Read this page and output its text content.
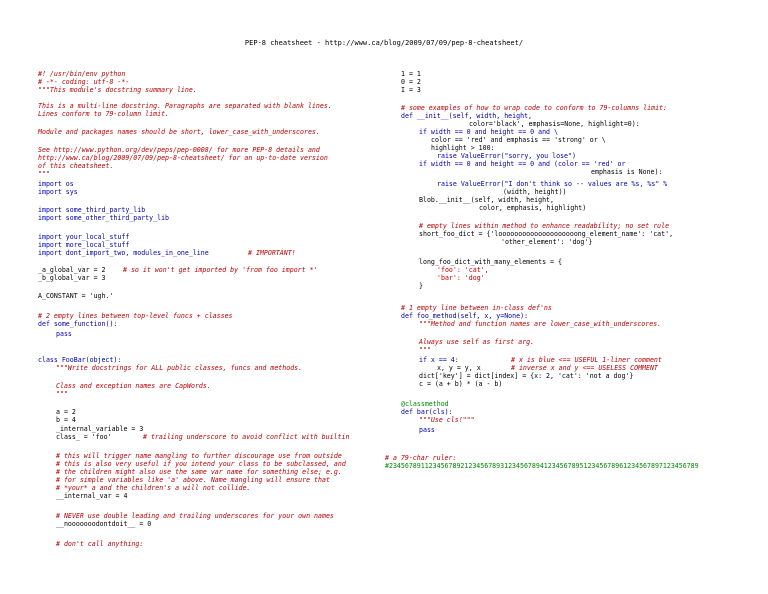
PEP-8 cheatsheet - http://www.ca/blog/2009/07/09/pep-8-cheatsheet/
#! /usr/bin/env python
# -*- coding: utf-8 -*-
"""This module's docstring summary line.
This is a multi-line docstring. Paragraphs are separated with blank lines.
Lines conform to 79-column limit.
Module and packages names should be short, lower_case_with_underscores.
See http://www.python.org/dev/peps/pep-0008/ for more PEP-8 details and
http://www.ca/blog/2009/07/09/pep-8-cheatsheet/ for an up-to-date version
of this cheatsheet.
"""
import os
import sys
import some_third_party_lib
import some_other_third_party_lib
import your_local_stuff
import more_local_stuff
import dont_import_two, modules_in_one_line	# IMPORTANT!
_a_global_var = 2	# so it won't get imported by 'from foo import *'
_b_global_var = 3
A_CONSTANT = 'ugh.'
# 2 empty lines between top-level funcs + classes
def some_function():
pass
class FooBar(object):
"""Write docstrings for ALL public classes, funcs and methods.
Class and exception names are CapWords.
"""
a = 2
b = 4
_internal_variable = 3
class_ = 'foo'	# trailing underscore to avoid conflict with builtin
# this will trigger name mangling to further discourage use from outside
# this is also very useful if you intend your class to be subclassed, and
# the children might also use the same var name for something else; e.g.
# for simple variables like 'a' above. Name mangling will ensure that
# *your* a and the children's a will not collide.
__internal_var = 4
# NEVER use double leading and trailing underscores for your own names
__nooooooodontdoit__ = 0
# don't call anything:
1 = 1
0 = 2
I = 3
# some examples of how to wrap code to conform to 79-columns limit:
def __init__(self, width, height,
color='black', emphasis=None, highlight=0):
if width == 0 and height == 0 and \
color == 'red' and emphasis == 'strong' or \
highlight > 100:
raise ValueError("sorry, you lose")
if width == 0 and height == 0 and (color == 'red' or
emphasis is None):
raise ValueError("I don't think so -- values are %s, %s" %
(width, height))
Blob.__init__(self, width, height,
color, emphasis, highlight)
# empty lines within method to enhance readability; no set rule
short_foo_dict = {'loooooooooooooooooooong_element_name': 'cat',
'other_element': 'dog'}
long_foo_dict_with_many_elements = {
'foo': 'cat',
'bar': 'dog'
}
# 1 empty line between in-class def'ns
def foo_method(self, x, y=None):
"""Method and function names are lower_case_with_underscores.
Always use self as first arg.
"""
if x == 4:	# x is blue <== USEFUL 1-liner comment
x, y = y, x	# inverse x and y <== USELESS COMMENT
dict['key'] = dict[index] = {x: 2, 'cat': 'not a dog'}
c = (a + b) * (a - b)
@classmethod
def bar(cls):
"""Use cls!"""
pass
# a 79-char ruler:
#234567891123456789212345678931234567894123456789512345678961234567897123456789
